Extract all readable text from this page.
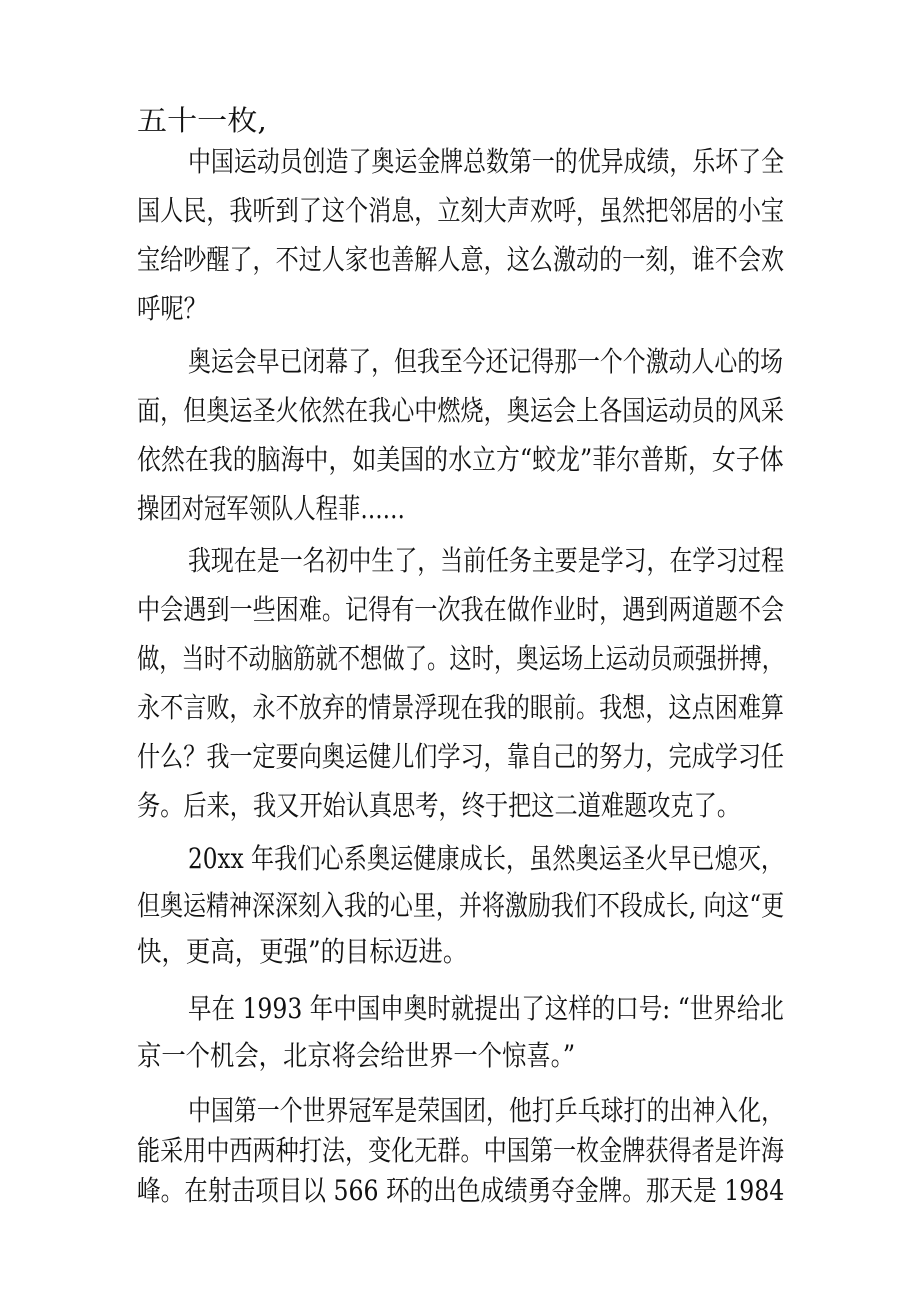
五十一枚,
中国运动员创造了奥运金牌总数第一的优异成绩，乐坏了全
国人民，我听到了这个消息，立刻大声欢呼，虽然把邻居的小宝
宝给吵醒了，不过人家也善解人意，这么激动的一刻，谁不会欢
呼呢？
奥运会早已闭幕了，但我至今还记得那一个个激动人心的场
面，但奥运圣火依然在我心中燃烧，奥运会上各国运动员的风采
依然在我的脑海中，如美国的水立方“蛟龙”菲尔普斯，女子体
操团对冠军领队人程菲……
我现在是一名初中生了，当前任务主要是学习，在学习过程
中会遇到一些困难。记得有一次我在做作业时，遇到两道题不会
做，当时不动脑筋就不想做了。这时，奥运场上运动员顽强拼搏，
永不言败，永不放弃的情景浮现在我的眼前。我想，这点困难算
什么？我一定要向奥运健儿们学习，靠自己的努力，完成学习任
务。后来，我又开始认真思考，终于把这二道难题攻克了。
20xx 年我们心系奥运健康成长，虽然奥运圣火早已熄灭，
但奥运精神深深刻入我的心里，并将激励我们不段成长, 向这“更
快，更高，更强”的目标迈进。
早在 1993 年中国申奥时就提出了这样的口号: “世界给北
京一个机会，北京将会给世界一个惊喜。”
中国第一个世界冠军是荣国团，他打乒乓球打的出神入化，
能采用中西两种打法，变化无群。中国第一枚金牌获得者是许海
峰。在射击项目以 566 环的出色成绩勇夺金牌。那天是 1984
